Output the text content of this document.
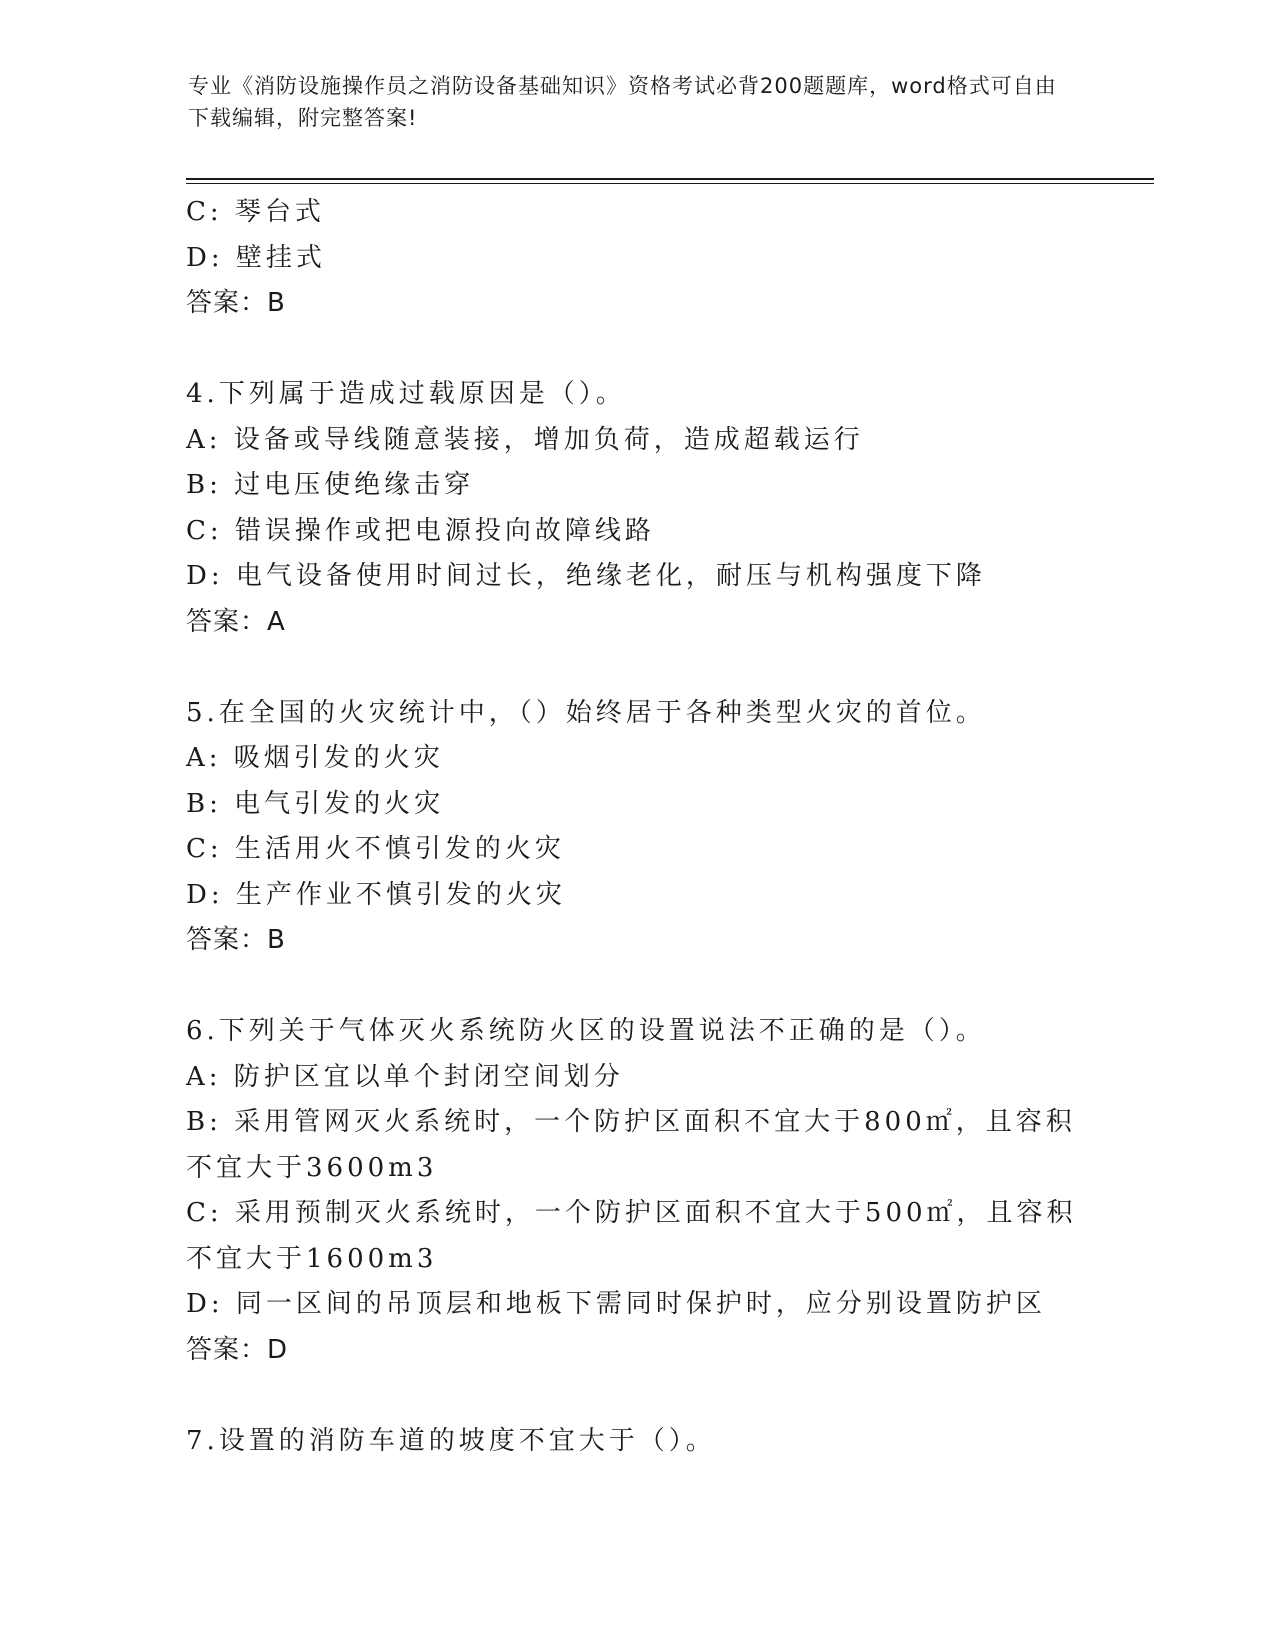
专业《消防设施操作员之消防设备基础知识》资格考试必背200题题库，word格式可自由下载编辑，附完整答案!
C: 琴台式
D: 壁挂式
答案：B
4.下列属于造成过载原因是（）。
A: 设备或导线随意装接，增加负荷，造成超载运行
B: 过电压使绝缘击穿
C: 错误操作或把电源投向故障线路
D: 电气设备使用时间过长，绝缘老化，耐压与机构强度下降
答案：A
5.在全国的火灾统计中，（）始终居于各种类型火灾的首位。
A: 吸烟引发的火灾
B: 电气引发的火灾
C: 生活用火不慎引发的火灾
D: 生产作业不慎引发的火灾
答案：B
6.下列关于气体灭火系统防火区的设置说法不正确的是（）。
A: 防护区宜以单个封闭空间划分
B: 采用管网灭火系统时，一个防护区面积不宜大于800㎡，且容积不宜大于3600m3
C: 采用预制灭火系统时，一个防护区面积不宜大于500㎡，且容积不宜大于1600m3
D: 同一区间的吊顶层和地板下需同时保护时，应分别设置防护区
答案：D
7.设置的消防车道的坡度不宜大于（）。
